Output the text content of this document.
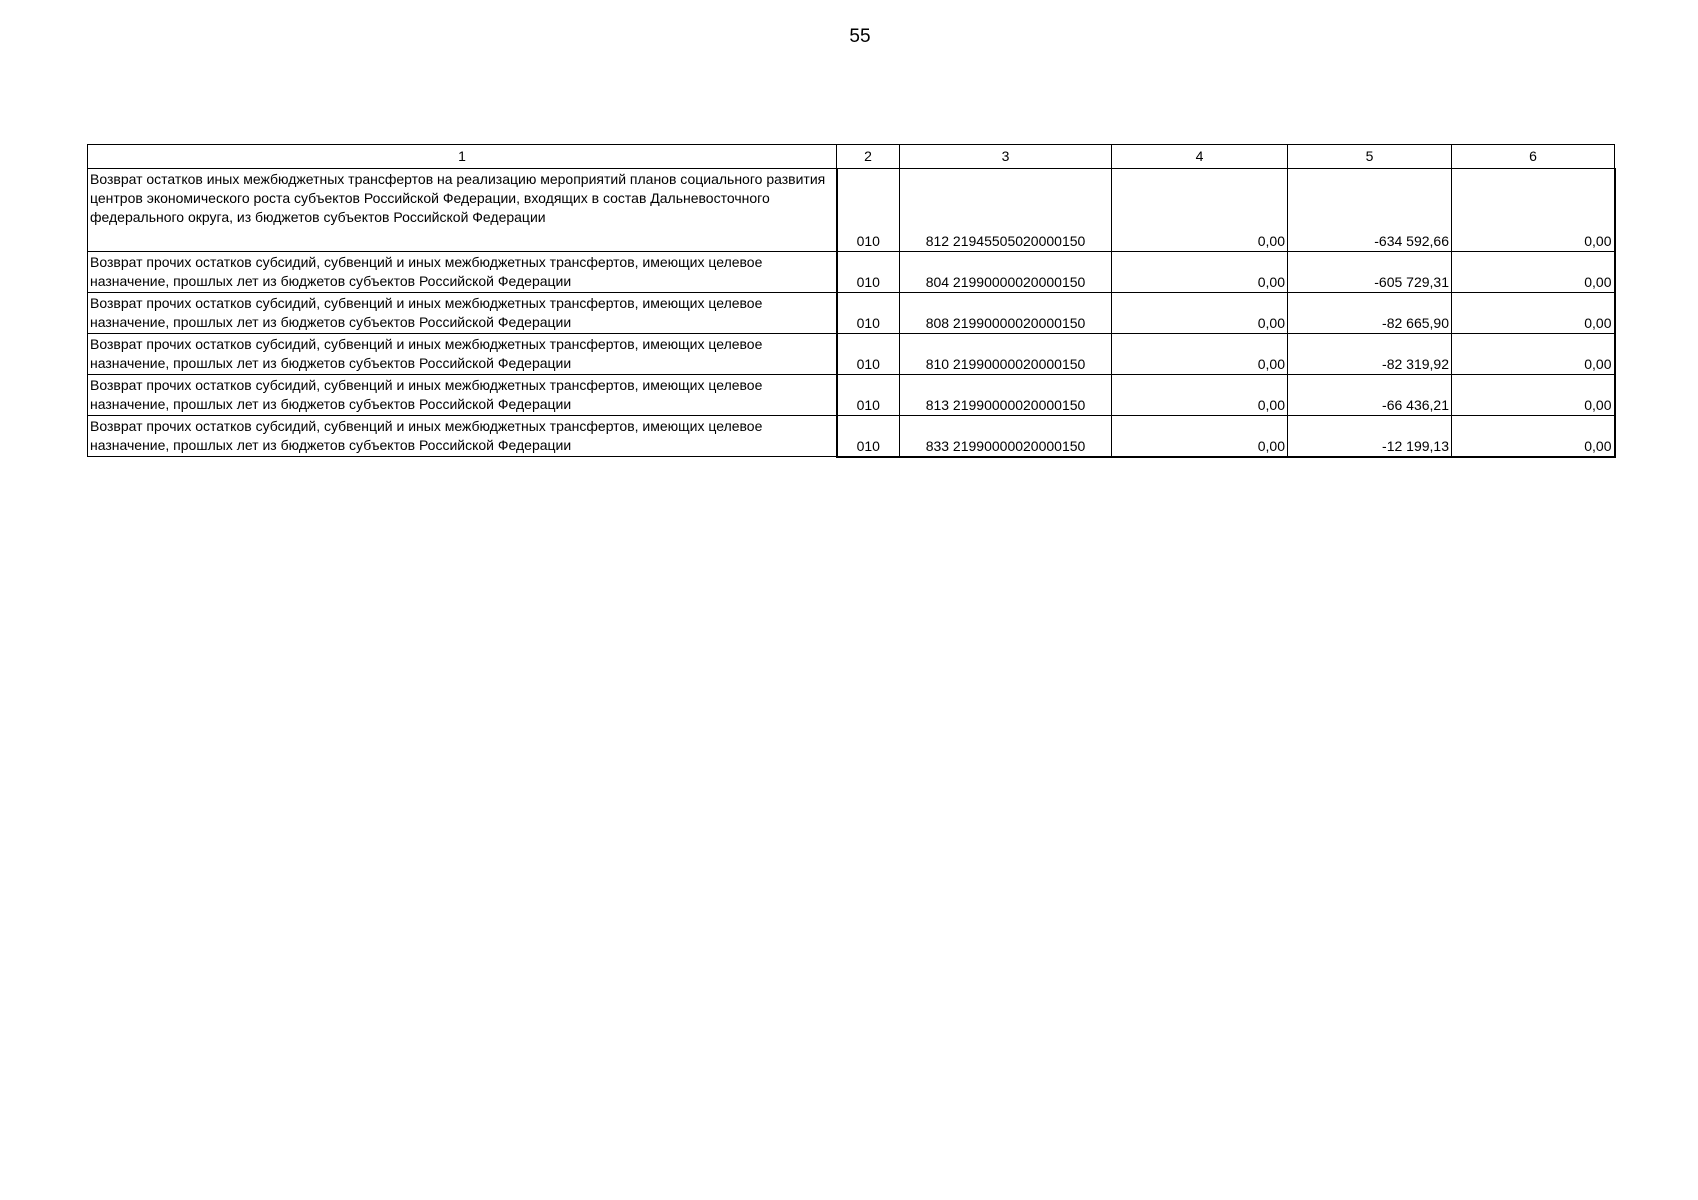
55
1	2	3	4	5	6
Возврат остатков иных межбюджетных трансфертов на реализацию мероприятий планов социального развития центров экономического роста субъектов Российской Федерации, входящих в состав Дальневосточного федерального округа, из бюджетов субъектов Российской Федерации	010	812 21945505020000150	0,00	-634 592,66	0,00
Возврат прочих остатков субсидий, субвенций и иных межбюджетных трансфертов, имеющих целевое назначение, прошлых лет из бюджетов субъектов Российской Федерации	010	804 21990000020000150	0,00	-605 729,31	0,00
Возврат прочих остатков субсидий, субвенций и иных межбюджетных трансфертов, имеющих целевое назначение, прошлых лет из бюджетов субъектов Российской Федерации	010	808 21990000020000150	0,00	-82 665,90	0,00
Возврат прочих остатков субсидий, субвенций и иных межбюджетных трансфертов, имеющих целевое назначение, прошлых лет из бюджетов субъектов Российской Федерации	010	810 21990000020000150	0,00	-82 319,92	0,00
Возврат прочих остатков субсидий, субвенций и иных межбюджетных трансфертов, имеющих целевое назначение, прошлых лет из бюджетов субъектов Российской Федерации	010	813 21990000020000150	0,00	-66 436,21	0,00
Возврат прочих остатков субсидий, субвенций и иных межбюджетных трансфертов, имеющих целевое назначение, прошлых лет из бюджетов субъектов Российской Федерации	010	833 21990000020000150	0,00	-12 199,13	0,00
